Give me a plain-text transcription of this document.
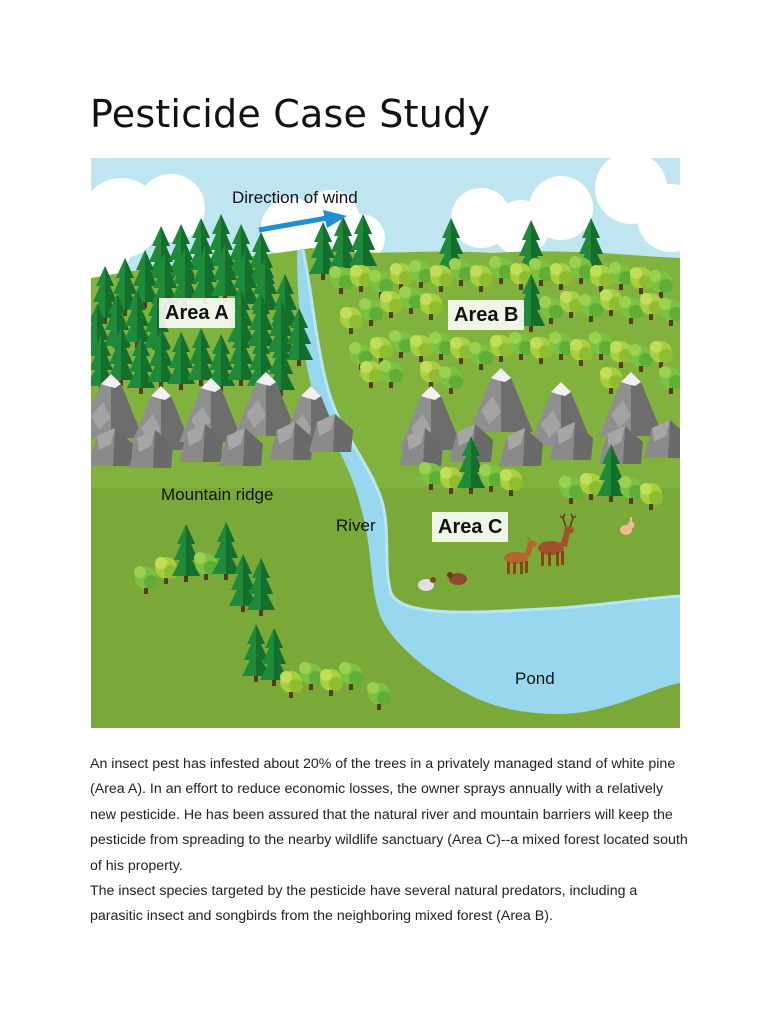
Pesticide Case Study
Direction of wind
Area A	Area B
Area C
Mountain ridge
River
Pond

An insect pest has infested about 20% of the trees in a privately managed stand of white pine (Area A). In an effort to reduce economic losses, the owner sprays annually with a relatively new pesticide. He has been assured that the natural river and mountain barriers will keep the pesticide from spreading to the nearby wildlife sanctuary (Area C)--a mixed forest located south of his property.

The insect species targeted by the pesticide have several natural predators, including a parasitic insect and songbirds from the neighboring mixed forest (Area B).
